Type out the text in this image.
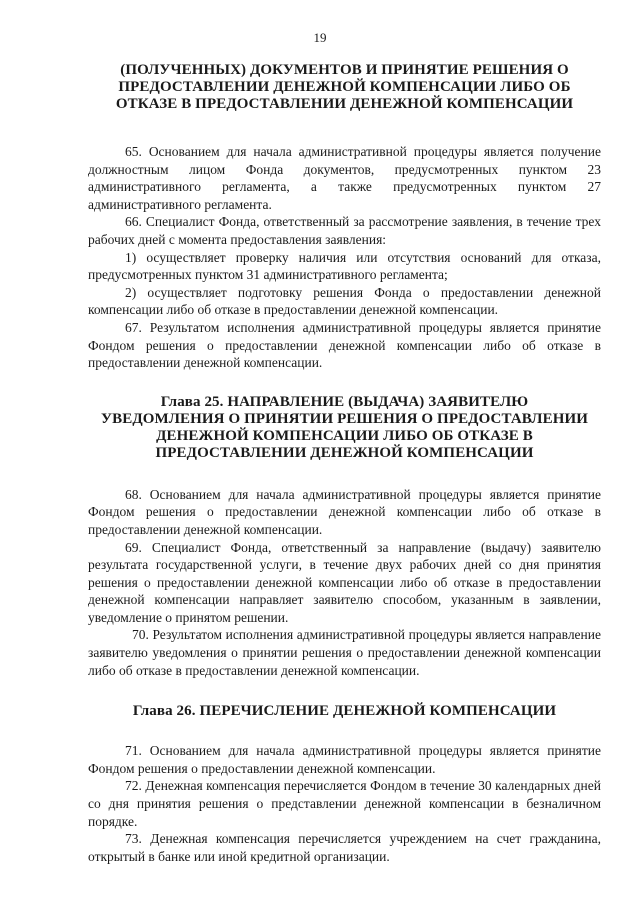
19
(ПОЛУЧЕННЫХ) ДОКУМЕНТОВ И ПРИНЯТИЕ РЕШЕНИЯ О
ПРЕДОСТАВЛЕНИИ ДЕНЕЖНОЙ КОМПЕНСАЦИИ ЛИБО ОБ
ОТКАЗЕ В ПРЕДОСТАВЛЕНИИ ДЕНЕЖНОЙ КОМПЕНСАЦИИ

65. Основанием для начала административной процедуры является получение должностным лицом Фонда документов, предусмотренных пунктом 23 административного регламента, а также предусмотренных пунктом 27 административного регламента.

66. Специалист Фонда, ответственный за рассмотрение заявления, в течение трех рабочих дней с момента предоставления заявления:

1) осуществляет проверку наличия или отсутствия оснований для отказа, предусмотренных пунктом 31 административного регламента;

2) осуществляет подготовку решения Фонда о предоставлении денежной компенсации либо об отказе в предоставлении денежной компенсации.

67. Результатом исполнения административной процедуры является принятие Фондом решения о предоставлении денежной компенсации либо об отказе в предоставлении денежной компенсации.

Глава 25. НАПРАВЛЕНИЕ (ВЫДАЧА) ЗАЯВИТЕЛЮ
УВЕДОМЛЕНИЯ О ПРИНЯТИИ РЕШЕНИЯ О ПРЕДОСТАВЛЕНИИ
ДЕНЕЖНОЙ КОМПЕНСАЦИИ ЛИБО ОБ ОТКАЗЕ В
ПРЕДОСТАВЛЕНИИ ДЕНЕЖНОЙ КОМПЕНСАЦИИ

68. Основанием для начала административной процедуры является принятие Фондом решения о предоставлении денежной компенсации либо об отказе в предоставлении денежной компенсации.

69. Специалист Фонда, ответственный за направление (выдачу) заявителю результата государственной услуги, в течение двух рабочих дней со дня принятия решения о предоставлении денежной компенсации либо об отказе в предоставлении денежной компенсации направляет заявителю способом, указанным в заявлении, уведомление о принятом решении.

70. Результатом исполнения административной процедуры является направление заявителю уведомления о принятии решения о предоставлении денежной компенсации либо об отказе в предоставлении денежной компенсации.

Глава 26. ПЕРЕЧИСЛЕНИЕ ДЕНЕЖНОЙ КОМПЕНСАЦИИ

71. Основанием для начала административной процедуры является принятие Фондом решения о предоставлении денежной компенсации.

72. Денежная компенсация перечисляется Фондом в течение 30 календарных дней со дня принятия решения о представлении денежной компенсации в безналичном порядке.

73. Денежная компенсация перечисляется учреждением на счет гражданина, открытый в банке или иной кредитной организации.
